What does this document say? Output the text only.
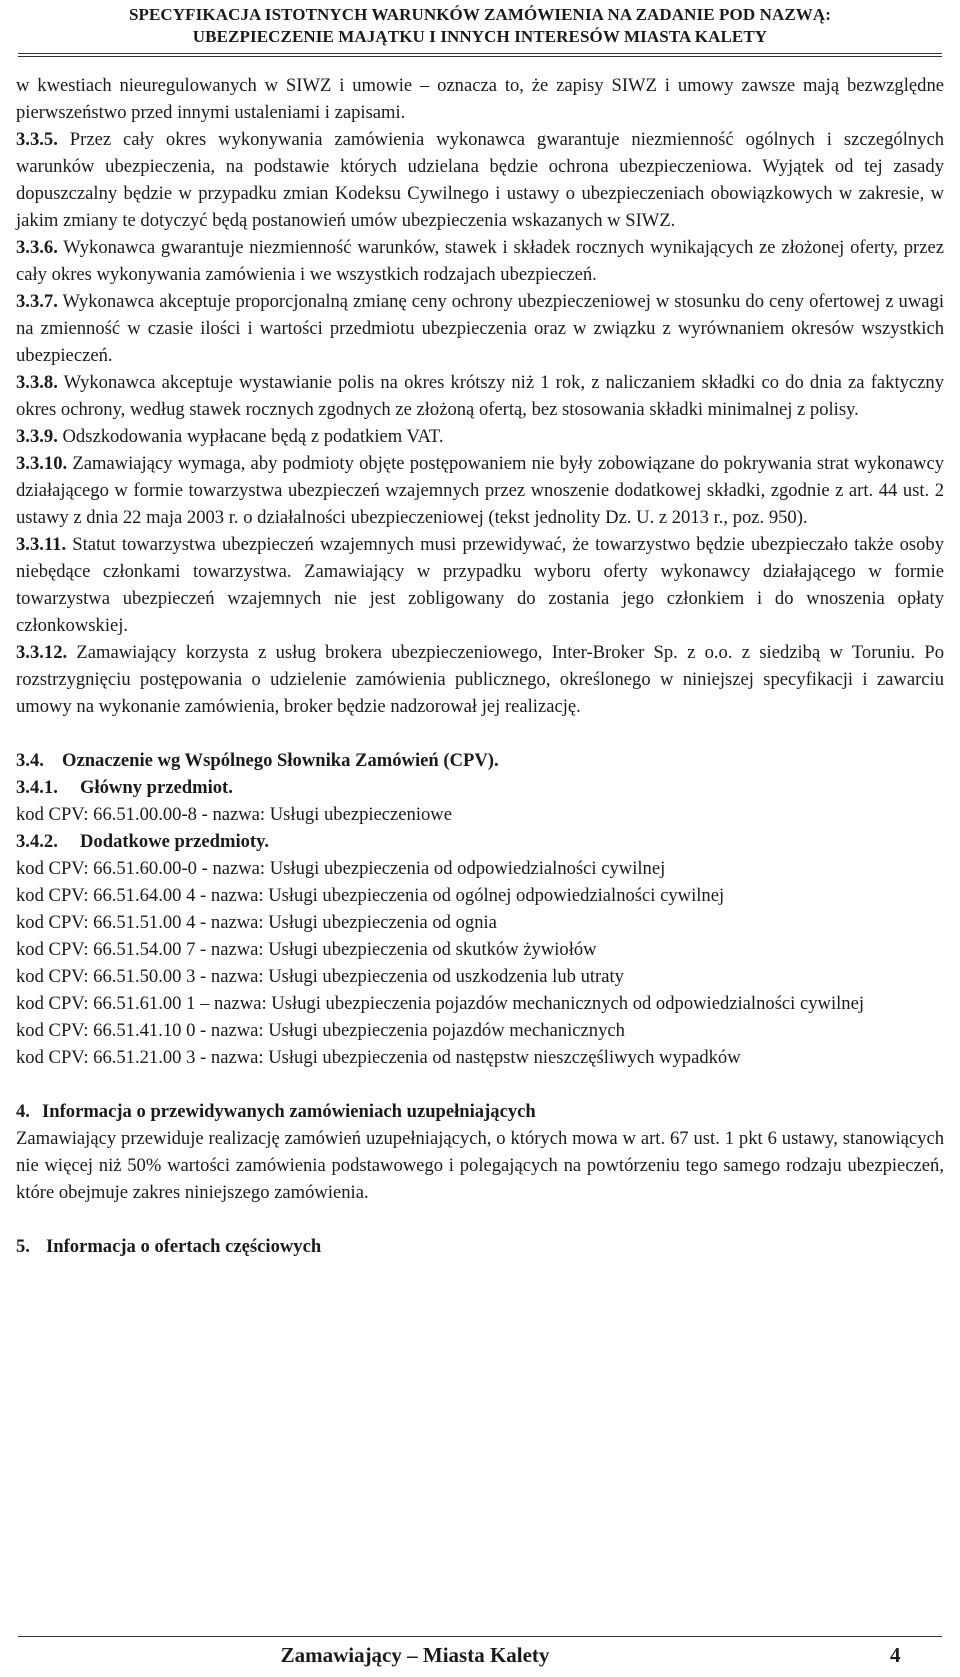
SPECYFIKACJA ISTOTNYCH WARUNKÓW ZAMÓWIENIA NA ZADANIE POD NAZWĄ:
UBEZPIECZENIE MAJĄTKU I INNYCH INTERESÓW MIASTA KALETY

w kwestiach nieuregulowanych w SIWZ i umowie – oznacza to, że zapisy SIWZ i umowy zawsze mają bezwzględne pierwszeństwo przed innymi ustaleniami i zapisami.

3.3.5. Przez cały okres wykonywania zamówienia wykonawca gwarantuje niezmienność ogólnych i szczególnych warunków ubezpieczenia, na podstawie których udzielana będzie ochrona ubezpieczeniowa. Wyjątek od tej zasady dopuszczalny będzie w przypadku zmian Kodeksu Cywilnego i ustawy o ubezpieczeniach obowiązkowych w zakresie, w jakim zmiany te dotyczyć będą postanowień umów ubezpieczenia wskazanych w SIWZ.

3.3.6. Wykonawca gwarantuje niezmienność warunków, stawek i składek rocznych wynikających ze złożonej oferty, przez cały okres wykonywania zamówienia i we wszystkich rodzajach ubezpieczeń.

3.3.7. Wykonawca akceptuje proporcjonalną zmianę ceny ochrony ubezpieczeniowej w stosunku do ceny ofertowej z uwagi na zmienność w czasie ilości i wartości przedmiotu ubezpieczenia oraz w związku z wyrównaniem okresów wszystkich ubezpieczeń.

3.3.8. Wykonawca akceptuje wystawianie polis na okres krótszy niż 1 rok, z naliczaniem składki co do dnia za faktyczny okres ochrony, według stawek rocznych zgodnych ze złożoną ofertą, bez stosowania składki minimalnej z polisy.

3.3.9. Odszkodowania wypłacane będą z podatkiem VAT.

3.3.10. Zamawiający wymaga, aby podmioty objęte postępowaniem nie były zobowiązane do pokrywania strat wykonawcy działającego w formie towarzystwa ubezpieczeń wzajemnych przez wnoszenie dodatkowej składki, zgodnie z art. 44 ust. 2 ustawy z dnia 22 maja 2003 r. o działalności ubezpieczeniowej (tekst jednolity Dz. U. z 2013 r., poz. 950).

3.3.11. Statut towarzystwa ubezpieczeń wzajemnych musi przewidywać, że towarzystwo będzie ubezpieczało także osoby niebędące członkami towarzystwa. Zamawiający w przypadku wyboru oferty wykonawcy działającego w formie towarzystwa ubezpieczeń wzajemnych nie jest zobligowany do zostania jego członkiem i do wnoszenia opłaty członkowskiej.

3.3.12. Zamawiający korzysta z usług brokera ubezpieczeniowego, Inter-Broker Sp. z o.o. z siedzibą w Toruniu. Po rozstrzygnięciu postępowania o udzielenie zamówienia publicznego, określonego w niniejszej specyfikacji i zawarciu umowy na wykonanie zamówienia, broker będzie nadzorował jej realizację.

3.4. Oznaczenie wg Wspólnego Słownika Zamówień (CPV).

3.4.1. Główny przedmiot.

kod CPV: 66.51.00.00-8 - nazwa: Usługi ubezpieczeniowe

3.4.2. Dodatkowe przedmioty.

kod CPV: 66.51.60.00-0 - nazwa: Usługi ubezpieczenia od odpowiedzialności cywilnej

kod CPV: 66.51.64.00 4 - nazwa: Usługi ubezpieczenia od ogólnej odpowiedzialności cywilnej

kod CPV: 66.51.51.00 4 - nazwa: Usługi ubezpieczenia od ognia

kod CPV: 66.51.54.00 7 - nazwa: Usługi ubezpieczenia od skutków żywiołów

kod CPV: 66.51.50.00 3 - nazwa: Usługi ubezpieczenia od uszkodzenia lub utraty

kod CPV: 66.51.61.00 1 – nazwa: Usługi ubezpieczenia pojazdów mechanicznych od odpowiedzialności cywilnej

kod CPV: 66.51.41.10 0 - nazwa: Usługi ubezpieczenia pojazdów mechanicznych

kod CPV: 66.51.21.00 3 - nazwa: Usługi ubezpieczenia od następstw nieszczęśliwych wypadków

4. Informacja o przewidywanych zamówieniach uzupełniających

Zamawiający przewiduje realizację zamówień uzupełniających, o których mowa w art. 67 ust. 1 pkt 6 ustawy, stanowiących nie więcej niż 50% wartości zamówienia podstawowego i polegających na powtórzeniu tego samego rodzaju ubezpieczeń, które obejmuje zakres niniejszego zamówienia.

5. Informacja o ofertach częściowych

Zamawiający – Miasta Kalety	4
